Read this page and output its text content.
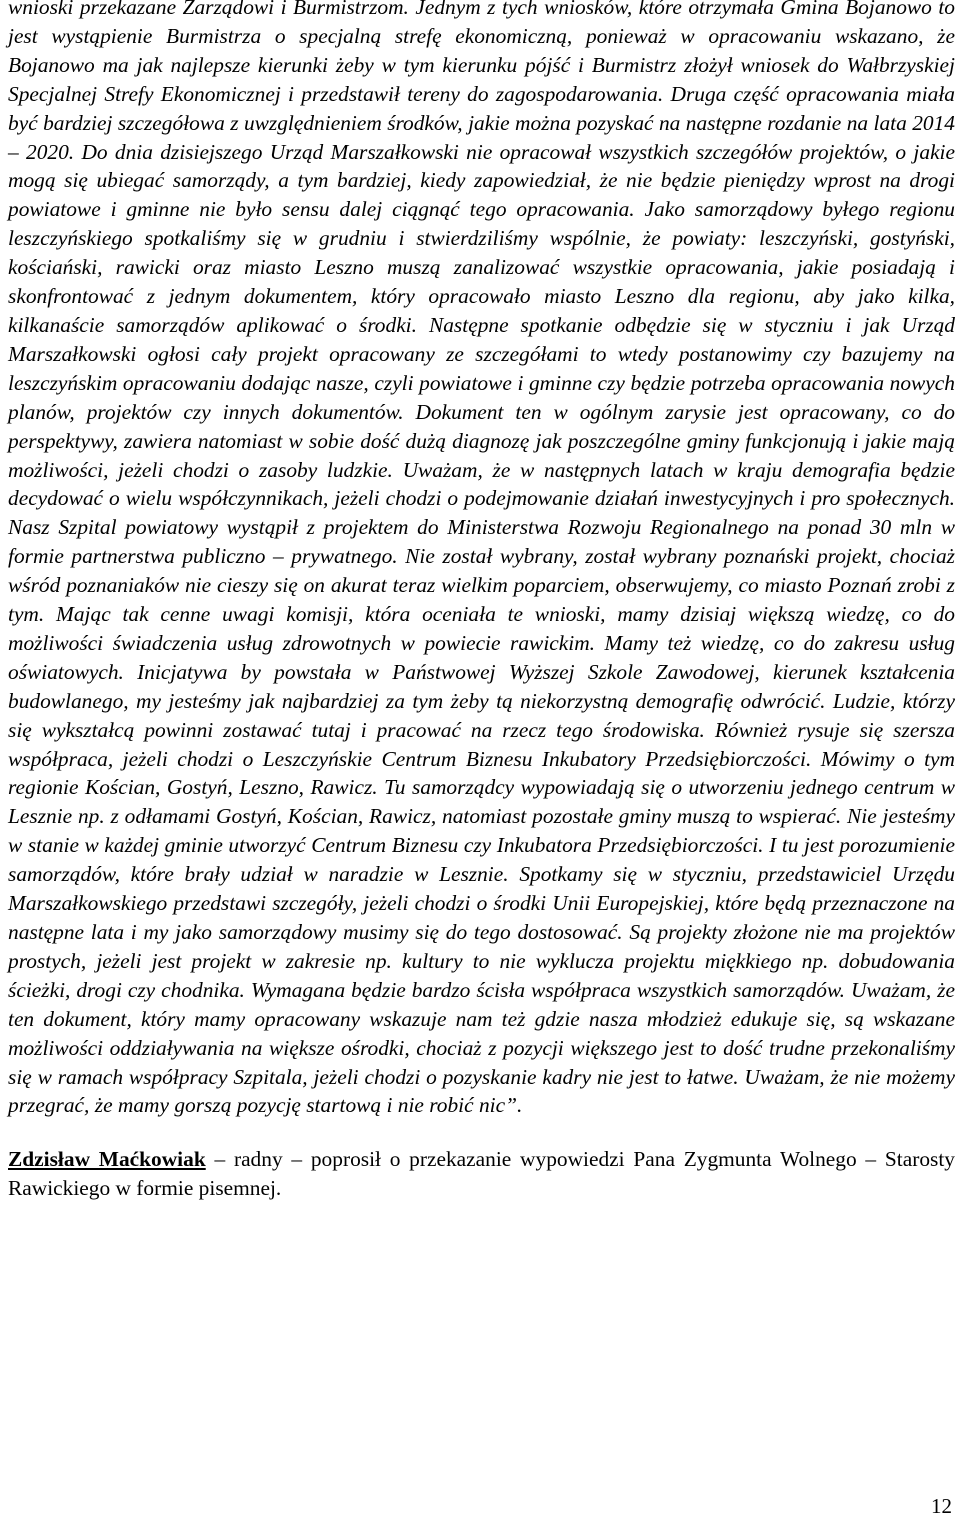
wnioski przekazane Zarządowi i Burmistrzom. Jednym z tych wniosków, które otrzymała Gmina Bojanowo to jest wystąpienie Burmistrza o specjalną strefę ekonomiczną, ponieważ w opracowaniu wskazano, że Bojanowo ma jak najlepsze kierunki żeby w tym kierunku pójść i Burmistrz złożył wniosek do Wałbrzyskiej Specjalnej Strefy Ekonomicznej i przedstawił tereny do zagospodarowania. Druga część opracowania miała być bardziej szczegółowa z uwzględnieniem środków, jakie można pozyskać na następne rozdanie na lata 2014 – 2020. Do dnia dzisiejszego Urząd Marszałkowski nie opracował wszystkich szczegółów projektów, o jakie mogą się ubiegać samorządy, a tym bardziej, kiedy zapowiedział, że nie będzie pieniędzy wprost na drogi powiatowe i gminne nie było sensu dalej ciągnąć tego opracowania. Jako samorządowy byłego regionu leszczyńskiego spotkaliśmy się w grudniu i stwierdziliśmy wspólnie, że powiaty: leszczyński, gostyński, kościański, rawicki oraz miasto Leszno muszą zanalizować wszystkie opracowania, jakie posiadają i skonfrontować z jednym dokumentem, który opracowało miasto Leszno dla regionu, aby jako kilka, kilkanaście samorządów aplikować o środki. Następne spotkanie odbędzie się w styczniu i jak Urząd Marszałkowski ogłosi cały projekt opracowany ze szczegółami to wtedy postanowimy czy bazujemy na leszczyńskim opracowaniu dodając nasze, czyli powiatowe i gminne czy będzie potrzeba opracowania nowych planów, projektów czy innych dokumentów. Dokument ten w ogólnym zarysie jest opracowany, co do perspektywy, zawiera natomiast w sobie dość dużą diagnozę jak poszczególne gminy funkcjonują i jakie mają możliwości, jeżeli chodzi o zasoby ludzkie. Uważam, że w następnych latach w kraju demografia będzie decydować o wielu współczynnikach, jeżeli chodzi o podejmowanie działań inwestycyjnych i pro społecznych. Nasz Szpital powiatowy wystąpił z projektem do Ministerstwa Rozwoju Regionalnego na ponad 30 mln w formie partnerstwa publiczno – prywatnego. Nie został wybrany, został wybrany poznański projekt, chociaż wśród poznaniaków nie cieszy się on akurat teraz wielkim poparciem, obserwujemy, co miasto Poznań zrobi z tym. Mając tak cenne uwagi komisji, która oceniała te wnioski, mamy dzisiaj większą wiedzę, co do możliwości świadczenia usług zdrowotnych w powiecie rawickim. Mamy też wiedzę, co do zakresu usług oświatowych. Inicjatywa by powstała w Państwowej Wyższej Szkole Zawodowej, kierunek kształcenia budowlanego, my jesteśmy jak najbardziej za tym żeby tą niekorzystną demografię odwrócić. Ludzie, którzy się wykształcą powinni zostawać tutaj i pracować na rzecz tego środowiska. Również rysuje się szersza współpraca, jeżeli chodzi o Leszczyńskie Centrum Biznesu Inkubatory Przedsiębiorczości. Mówimy o tym regionie Kościan, Gostyń, Leszno, Rawicz. Tu samorządcy wypowiadają się o utworzeniu jednego centrum w Lesznie np. z odłamami Gostyń, Kościan, Rawicz, natomiast pozostałe gminy muszą to wspierać. Nie jesteśmy w stanie w każdej gminie utworzyć Centrum Biznesu czy Inkubatora Przedsiębiorczości. I tu jest porozumienie samorządów, które brały udział w naradzie w Lesznie. Spotkamy się w styczniu, przedstawiciel Urzędu Marszałkowskiego przedstawi szczegóły, jeżeli chodzi o środki Unii Europejskiej, które będą przeznaczone na następne lata i my jako samorządowy musimy się do tego dostosować. Są projekty złożone nie ma projektów prostych, jeżeli jest projekt w zakresie np. kultury to nie wyklucza projektu miękkiego np. dobudowania ścieżki, drogi czy chodnika. Wymagana będzie bardzo ścisła współpraca wszystkich samorządów. Uważam, że ten dokument, który mamy opracowany wskazuje nam też gdzie nasza młodzież edukuje się, są wskazane możliwości oddziaływania na większe ośrodki, chociaż z pozycji większego jest to dość trudne przekonaliśmy się w ramach współpracy Szpitala, jeżeli chodzi o pozyskanie kadry nie jest to łatwe. Uważam, że nie możemy przegrać, że mamy gorszą pozycję startową i nie robić nic”.

Zdzisław Maćkowiak – radny – poprosił o przekazanie wypowiedzi Pana Zygmunta Wolnego – Starosty Rawickiego w formie pisemnej.

12
